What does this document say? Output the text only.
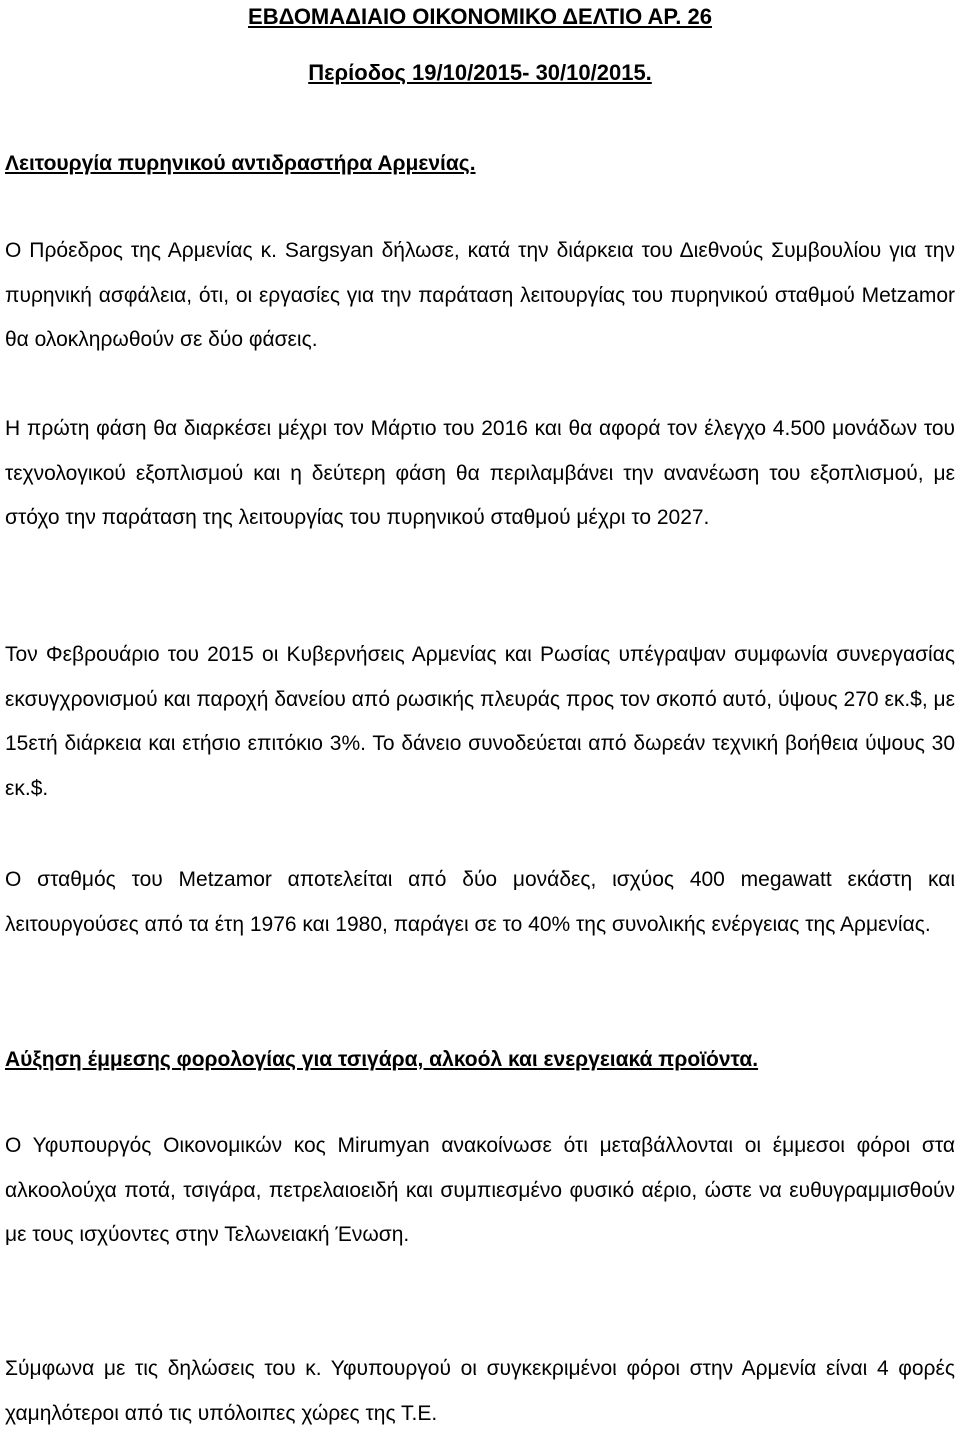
ΕΒΔΟΜΑΔΙΑΙΟ ΟΙΚΟΝΟΜΙΚΟ ΔΕΛΤΙΟ ΑΡ. 26

Περίοδος 19/10/2015- 30/10/2015.

Λειτουργία πυρηνικού αντιδραστήρα Αρμενίας.

Ο Πρόεδρος της Αρμενίας κ. Sargsyan δήλωσε, κατά την διάρκεια του Διεθνούς Συμβουλίου για την πυρηνική ασφάλεια, ότι, οι εργασίες για την παράταση λειτουργίας του πυρηνικού σταθμού Metzamor θα ολοκληρωθούν σε δύο φάσεις.

Η πρώτη φάση θα διαρκέσει μέχρι τον Μάρτιο του 2016 και θα αφορά τον έλεγχο 4.500 μονάδων του τεχνολογικού εξοπλισμού και η δεύτερη φάση θα περιλαμβάνει την ανανέωση του εξοπλισμού, με στόχο την παράταση της λειτουργίας του πυρηνικού σταθμού μέχρι το 2027.

Τον Φεβρουάριο του 2015 οι Κυβερνήσεις Αρμενίας και Ρωσίας υπέγραψαν συμφωνία συνεργασίας εκσυγχρονισμού και παροχή δανείου από ρωσικής πλευράς προς τον σκοπό αυτό, ύψους 270 εκ.$, με 15ετή διάρκεια και ετήσιο επιτόκιο 3%. Το δάνειο συνοδεύεται από δωρεάν τεχνική βοήθεια ύψους 30 εκ.$.

Ο σταθμός του Metzamor αποτελείται από δύο μονάδες, ισχύος 400 megawatt εκάστη και λειτουργούσες από τα έτη 1976 και 1980, παράγει σε το 40% της συνολικής ενέργειας της Αρμενίας.

Αύξηση έμμεσης φορολογίας για τσιγάρα, αλκοόλ και ενεργειακά προϊόντα.

Ο Υφυπουργός Οικονομικών κος Mirumyan ανακοίνωσε ότι μεταβάλλονται οι έμμεσοι φόροι στα αλκοολούχα ποτά, τσιγάρα, πετρελαιοειδή και συμπιεσμένο φυσικό αέριο, ώστε να ευθυγραμμισθούν με τους ισχύοντες στην Τελωνειακή Ένωση.

Σύμφωνα με τις δηλώσεις του κ. Υφυπουργού οι συγκεκριμένοι φόροι στην Αρμενία είναι 4 φορές χαμηλότεροι από τις υπόλοιπες χώρες της Τ.Ε.
